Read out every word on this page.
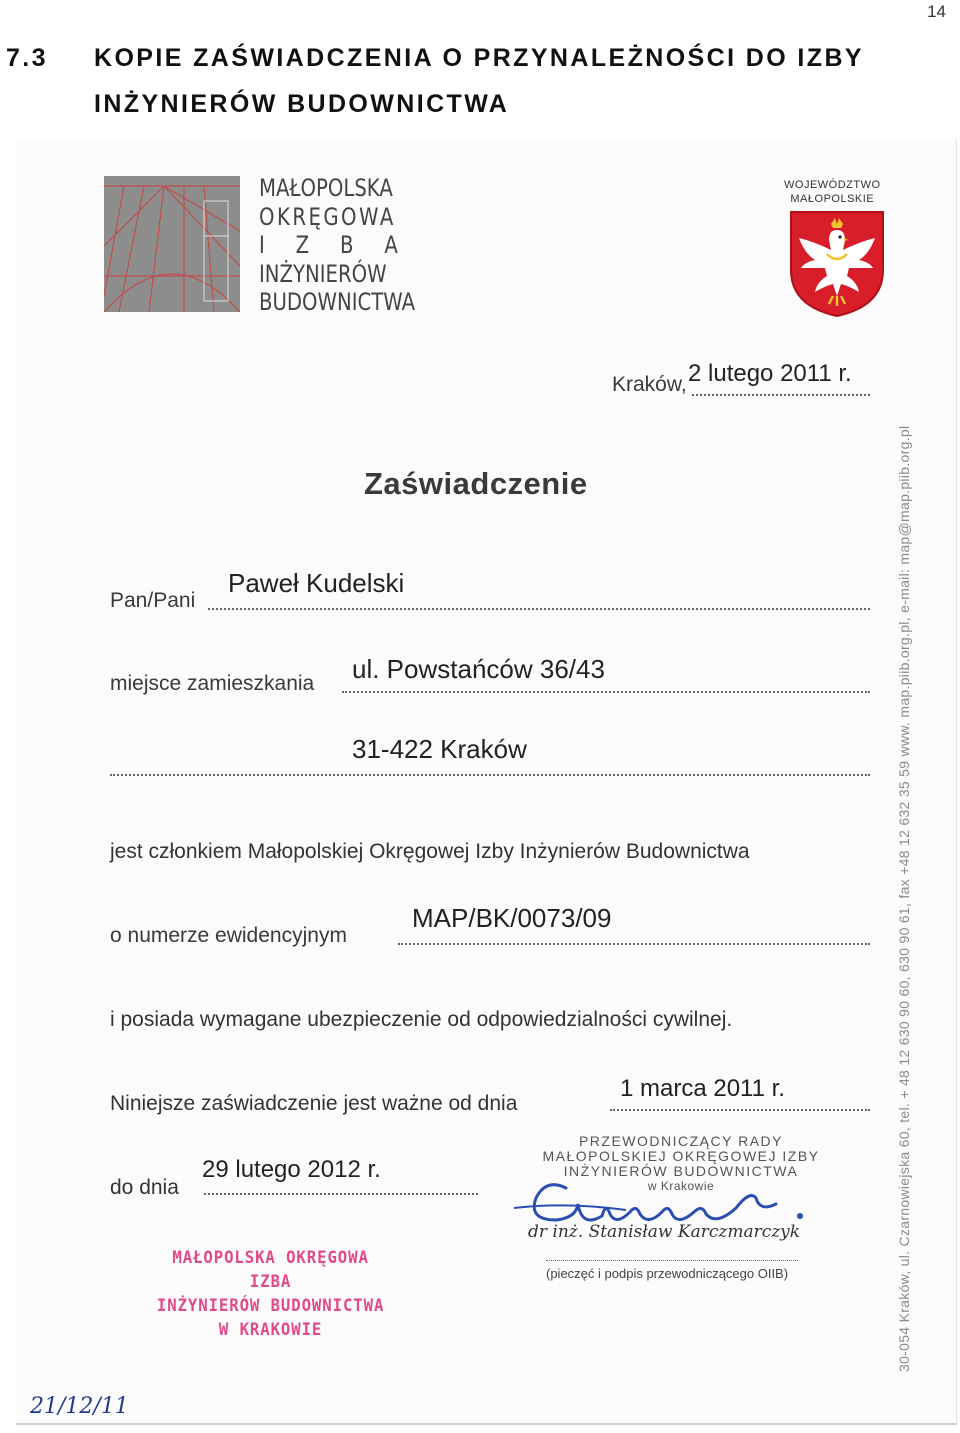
14
7.3 KOPIE ZAŚWIADCZENIA O PRZYNALEŻNOŚCI DO IZBY
INŻYNIERÓW BUDOWNICTWA
MAŁOPOLSKA
OKRĘGOWA
I Z B A
INŻYNIERÓW
BUDOWNICTWA
WOJEWÓDZTWO
MAŁOPOLSKIE
30-054 Kraków, ul. Czarnowiejska 60, tel. + 48 12 630 90 60, 630 90 61, fax +48 12 632 35 59 www. map.piib.org.pl, e-mail: map@map.piib.org.pl
Kraków, 2 lutego 2011 r.
Zaświadczenie
Pan/Pani
Paweł Kudelski
miejsce zamieszkania ul. Powstańców 36/43
31-422 Kraków
jest członkiem Małopolskiej Okręgowej Izby Inżynierów Budownictwa
o numerze ewidencyjnym
MAP/BK/0073/09
i posiada wymagane ubezpieczenie od odpowiedzialności cywilnej.
Niniejsze zaświadczenie jest ważne od dnia
1 marca 2011 r.
do dnia
29 lutego 2012 r.
MAŁOPOLSKA OKRĘGOWA IZBA
INŻYNIERÓW BUDOWNICTWA
W KRAKOWIE
PRZEWODNICZĄCY RADY
MAŁOPOLSKIEJ OKRĘGOWEJ IZBY
INŻYNIERÓW BUDOWNICTWA
w Krakowie
dr inż. Stanisław Karczmarczyk
(pieczęć i podpis przewodniczącego OIIB)
21/12/11
